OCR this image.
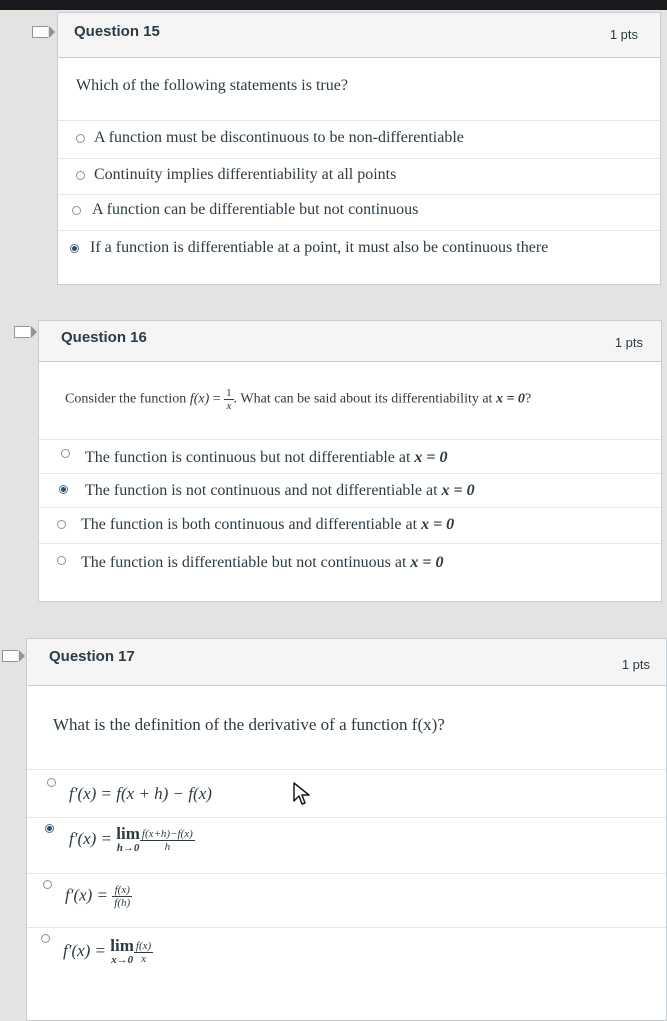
Question 15	1 pts
Which of the following statements is true?
A function must be discontinuous to be non-differentiable
Continuity implies differentiability at all points
A function can be differentiable but not continuous
If a function is differentiable at a point, it must also be continuous there
Question 16	1 pts
Consider the function $f(x) = \frac{1}{x}$ . What can be said about its differentiability at x = 0?
The function is continuous but not differentiable at x = 0
The function is not continuous and not differentiable at x = 0
The function is both continuous and differentiable at x = 0
The function is differentiable but not continuous at x = 0
Question 17	1 pts
What is the definition of the derivative of a function f(x)?
f′(x) = f(x + h) − f(x)
f′(x) = lim
$h\to 0 \frac{f(x+h)-f(x)}{h}$
$f'(x) = \frac{f(x)}{f(h)}$
f′(x) = lim
$x\to 0 \frac{f(x)}{x}$
